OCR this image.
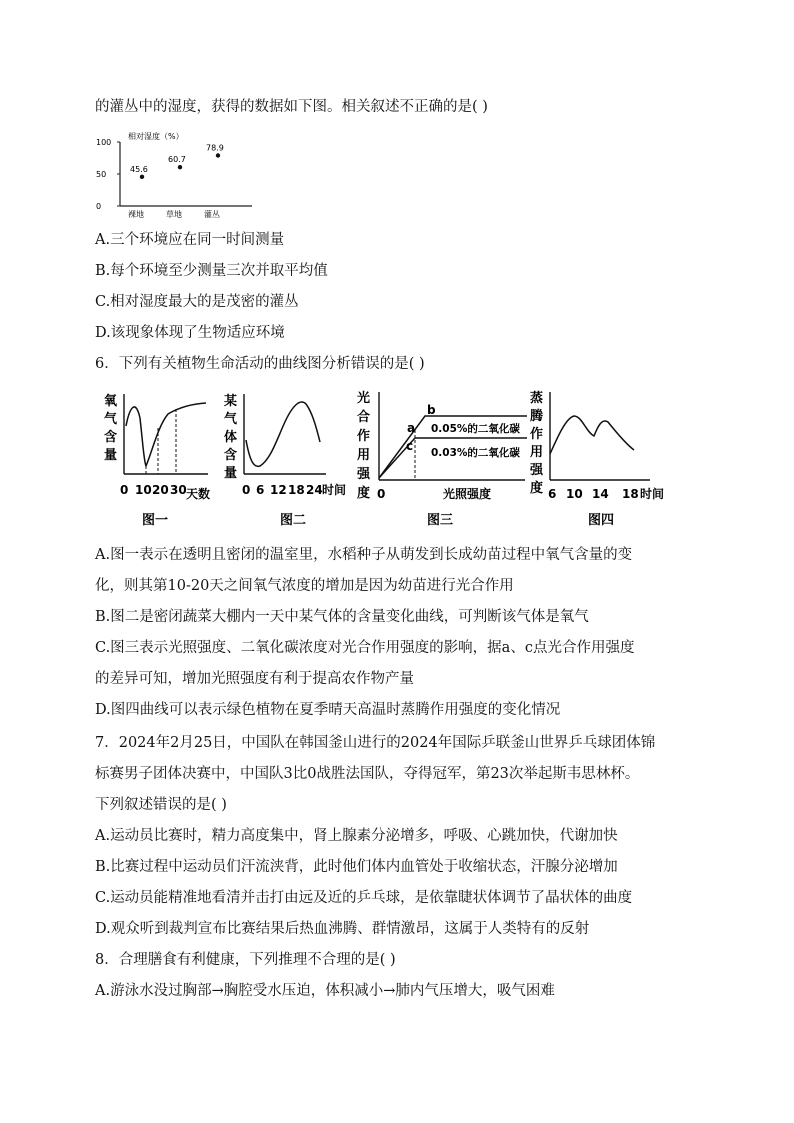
的灌丛中的湿度，获得的数据如下图。相关叙述不正确的是( )
相对湿度（%）
100
50
0
45.6
60.7
78.9
裸地	草地	灌丛
A.三个环境应在同一时间测量
B.每个环境至少测量三次并取平均值
C.相对湿度最大的是茂密的灌丛
D.该现象体现了生物适应环境
6．下列有关植物生命活动的曲线图分析错误的是( )
氧
气
含
量
0 10 20 30 天数
图一
某
气
体
含
量
0 6 12 18 24 时间
图二
光
合
作
用
强
度
a
b
c
0.05%的二氧化碳
0.03%的二氧化碳
0	光照强度
图三
蒸
腾
作
用
强
度 6 10 14 18 时间
图四
A.图一表示在透明且密闭的温室里，水稻种子从萌发到长成幼苗过程中氧气含量的变
化，则其第10-20天之间氧气浓度的增加是因为幼苗进行光合作用
B.图二是密闭蔬菜大棚内一天中某气体的含量变化曲线，可判断该气体是氧气
C.图三表示光照强度、二氧化碳浓度对光合作用强度的影响，据a、c点光合作用强度
的差异可知，增加光照强度有利于提高农作物产量
D.图四曲线可以表示绿色植物在夏季晴天高温时蒸腾作用强度的变化情况
7．2024年2月25日，中国队在韩国釜山进行的2024年国际乒联釜山世界乒乓球团体锦
标赛男子团体决赛中，中国队3比0战胜法国队，夺得冠军，第23次举起斯韦思林杯。
下列叙述错误的是( )
A.运动员比赛时，精力高度集中，肾上腺素分泌增多，呼吸、心跳加快，代谢加快
B.比赛过程中运动员们汗流浃背，此时他们体内血管处于收缩状态，汗腺分泌增加
C.运动员能精准地看清并击打由远及近的乒乓球，是依靠睫状体调节了晶状体的曲度
D.观众听到裁判宣布比赛结果后热血沸腾、群情激昂，这属于人类特有的反射
8．合理膳食有利健康，下列推理不合理的是( )
A.游泳水没过胸部→胸腔受水压迫，体积减小→肺内气压增大，吸气困难
